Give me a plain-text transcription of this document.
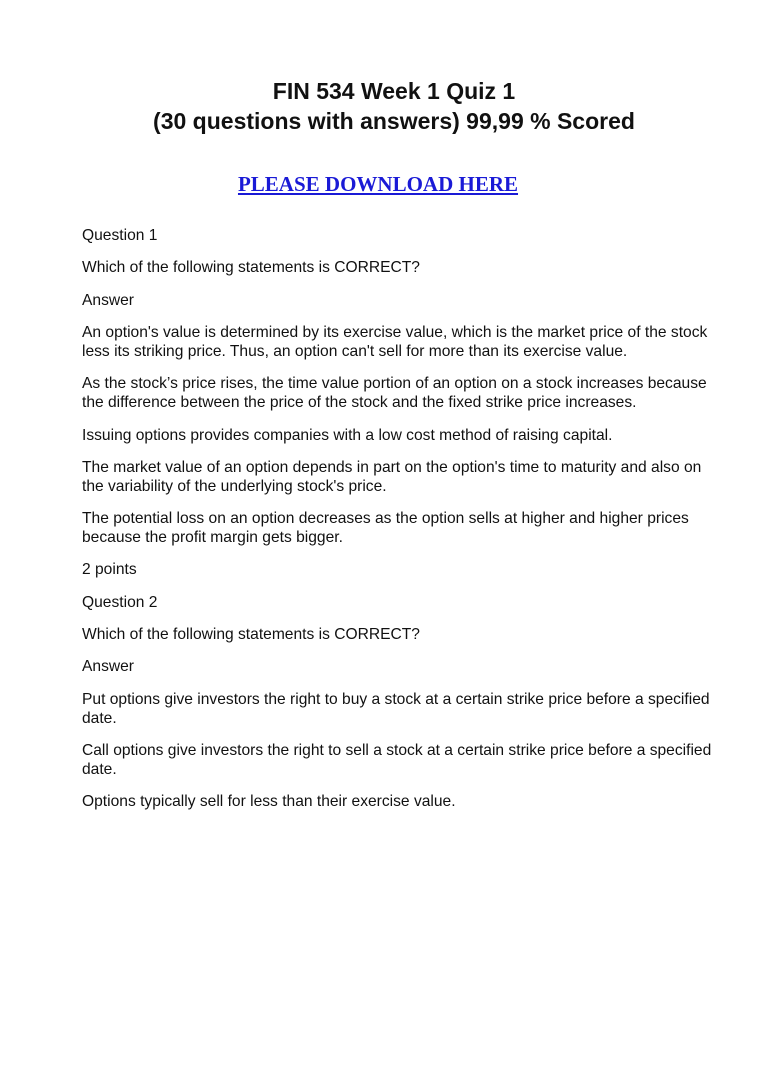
FIN 534 Week 1 Quiz 1
(30 questions with answers) 99,99 % Scored
PLEASE DOWNLOAD HERE

Question 1

Which of the following statements is CORRECT?

Answer

An option's value is determined by its exercise value, which is the market price of the stock less its striking price. Thus, an option can't sell for more than its exercise value.

As the stock’s price rises, the time value portion of an option on a stock increases because the difference between the price of the stock and the fixed strike price increases.

Issuing options provides companies with a low cost method of raising capital.

The market value of an option depends in part on the option's time to maturity and also on the variability of the underlying stock's price.

The potential loss on an option decreases as the option sells at higher and higher prices because the profit margin gets bigger.

2 points

Question 2

Which of the following statements is CORRECT?

Answer

Put options give investors the right to buy a stock at a certain strike price before a specified date.

Call options give investors the right to sell a stock at a certain strike price before a specified date.

Options typically sell for less than their exercise value.
